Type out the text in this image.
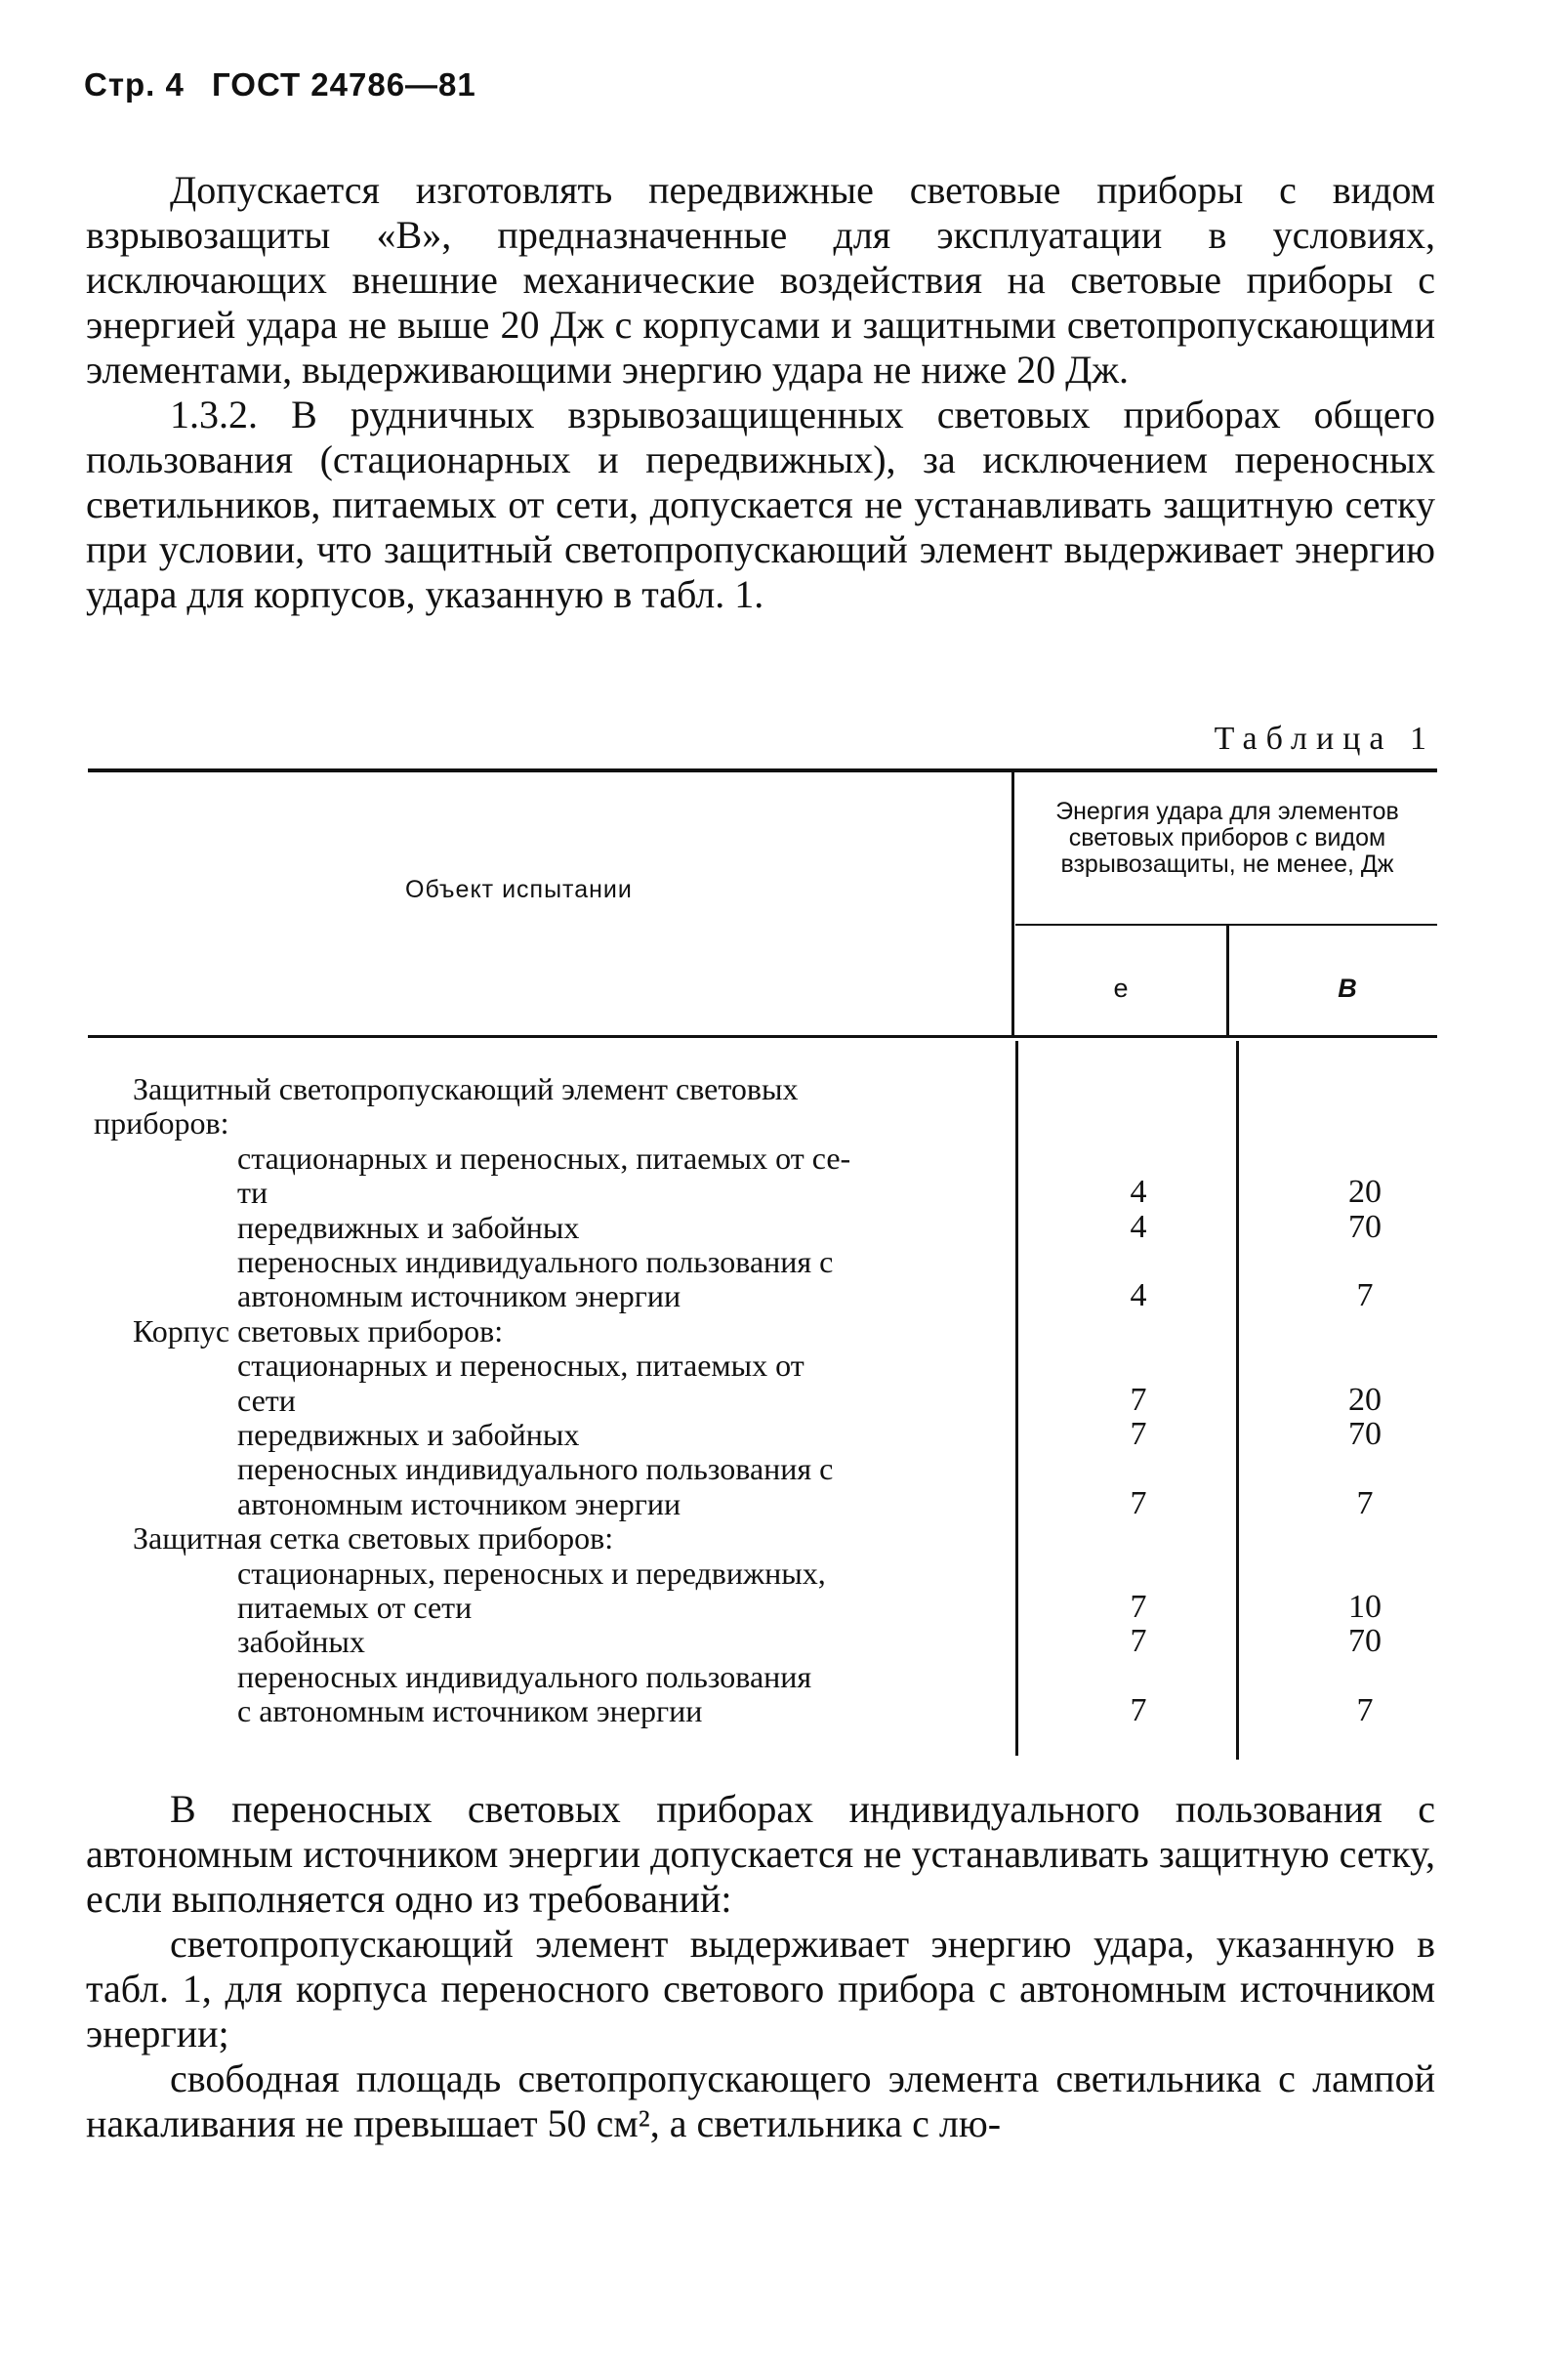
Стр. 4 ГОСТ 24786—81

Допускается изготовлять передвижные световые приборы с видом взрывозащиты «В», предназначенные для эксплуатации в условиях, исключающих внешние механические воздействия на световые приборы с энергией удара не выше 20 Дж с корпусами и защитными светопропускающими элементами, выдерживающими энергию удара не ниже 20 Дж.

1.3.2. В рудничных взрывозащищенных световых приборах общего пользования (стационарных и передвижных), за исключением переносных светильников, питаемых от сети, допускается не устанавливать защитную сетку при условии, что защитный светопропускающий элемент выдерживает энергию удара для корпусов, указанную в табл. 1.

Таблица 1
Объект испытании
Энергия удара для элементов световых приборов с видом взрывозащиты, не менее, Дж
е	В
Защитный светопропускающий элемент световых
приборов:
стационарных и переносных, питаемых от се-
ти	4	20
передвижных и забойных	4	70
переносных индивидуального пользования с
автономным источником энергии	4	7
Корпус световых приборов:
стационарных и переносных, питаемых от
сети	7	20
передвижных и забойных	7	70
переносных индивидуального пользования с
автономным источником энергии	7	7
Защитная сетка световых приборов:
стационарных, переносных и передвижных,
питаемых от сети	7	10
забойных	7	70
переносных индивидуального пользования
с автономным источником энергии	7	7

В переносных световых приборах индивидуального пользования с автономным источником энергии допускается не устанавливать защитную сетку, если выполняется одно из требований:

светопропускающий элемент выдерживает энергию удара, указанную в табл. 1, для корпуса переносного светового прибора с автономным источником энергии;

свободная площадь светопропускающего элемента светильника с лампой накаливания не превышает 50 см², а светильника с лю-
